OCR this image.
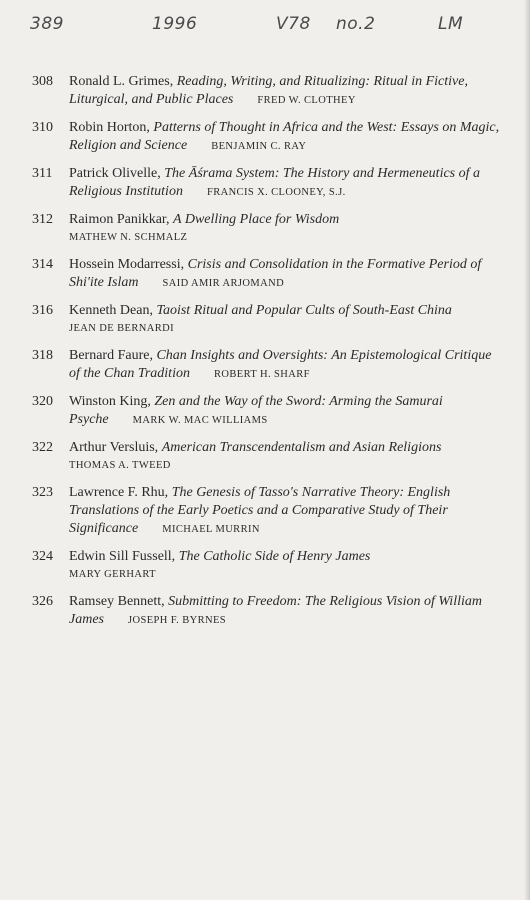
389	1996	V78 no.2	LM
308	Ronald L. Grimes, Reading, Writing, and Ritualizing: Ritual in Fictive, Liturgical, and Public Places FRED W. CLOTHEY
310	Robin Horton, Patterns of Thought in Africa and the West: Essays on Magic, Religion and Science BENJAMIN C. RAY
311	Patrick Olivelle, The Āśrama System: The History and Hermeneutics of a Religious Institution FRANCIS X. CLOONEY, S.J.
312	Raimon Panikkar, A Dwelling Place for Wisdom
MATHEW N. SCHMALZ
314	Hossein Modarressi, Crisis and Consolidation in the Formative Period of Shi'ite Islam SAID AMIR ARJOMAND
316	Kenneth Dean, Taoist Ritual and Popular Cults of South-East China
JEAN DE BERNARDI
318	Bernard Faure, Chan Insights and Oversights: An Epistemological Critique of the Chan Tradition ROBERT H. SHARF
320	Winston King, Zen and the Way of the Sword: Arming the Samurai Psyche MARK W. MAC WILLIAMS
322	Arthur Versluis, American Transcendentalism and Asian Religions
THOMAS A. TWEED
323	Lawrence F. Rhu, The Genesis of Tasso's Narrative Theory: English Translations of the Early Poetics and a Comparative Study of Their Significance MICHAEL MURRIN
324	Edwin Sill Fussell, The Catholic Side of Henry James
MARY GERHART
326	Ramsey Bennett, Submitting to Freedom: The Religious Vision of William James JOSEPH F. BYRNES
